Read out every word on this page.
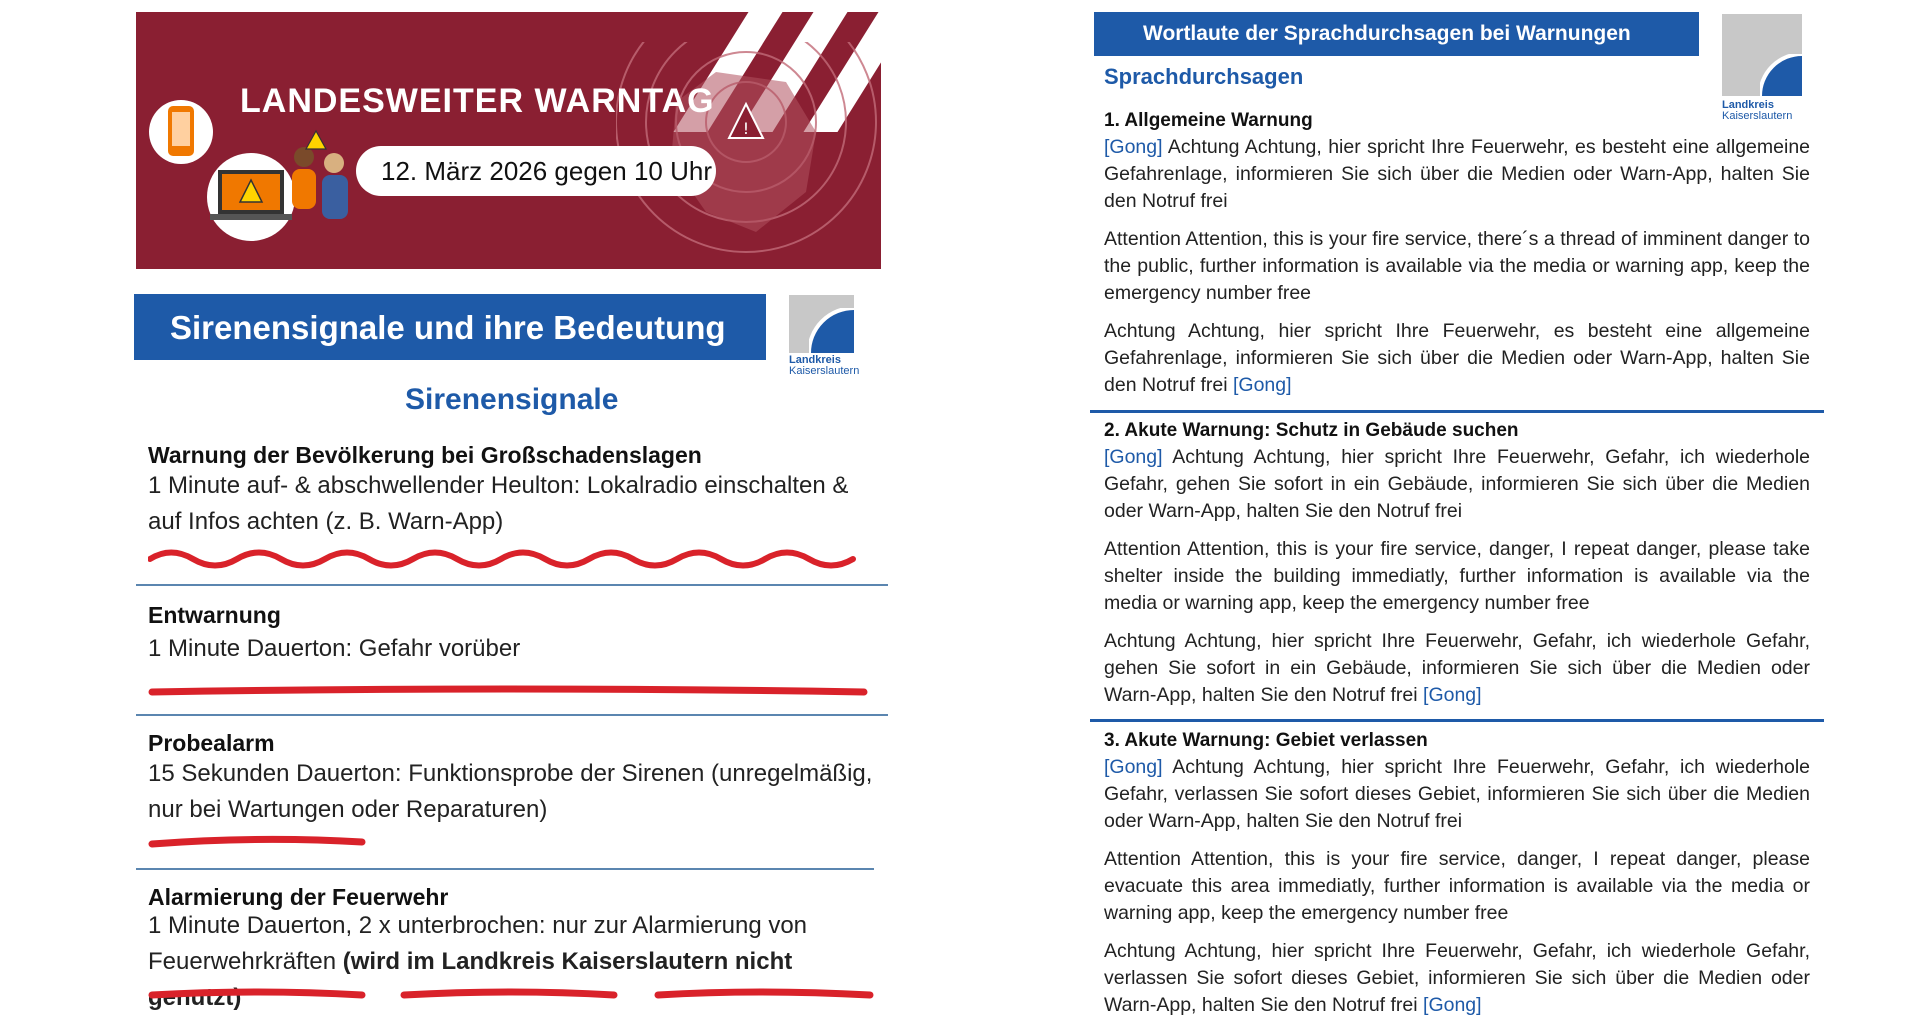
!
LANDESWEITER WARNTAG
12. März 2026 gegen 10 Uhr
Sirenensignale und ihre Bedeutung
Landkreis
Kaiserslautern
Sirenensignale
Warnung der Bevölkerung bei Großschadenslagen
1 Minute auf- & abschwellender Heulton: Lokalradio einschalten & auf Infos achten (z. B. Warn-App)
Entwarnung
1 Minute Dauerton: Gefahr vorüber
Probealarm
15 Sekunden Dauerton: Funktionsprobe der Sirenen (unregelmäßig, nur bei Wartungen oder Reparaturen)
Alarmierung der Feuerwehr
1 Minute Dauerton, 2 x unterbrochen: nur zur Alarmierung von Feuerwehrkräften (wird im Landkreis Kaiserslautern nicht genutzt)
Wortlaute der Sprachdurchsagen bei Warnungen
Sprachdurchsagen
Landkreis
Kaiserslautern
1. Allgemeine Warnung
[Gong] Achtung Achtung, hier spricht Ihre Feuerwehr, es besteht eine allgemeine Gefahrenlage, informieren Sie sich über die Medien oder Warn-App, halten Sie den Notruf frei
Attention Attention, this is your fire service, there´s a thread of imminent danger to the public, further information is available via the media or warning app, keep the emergency number free
Achtung Achtung, hier spricht Ihre Feuerwehr, es besteht eine allgemeine Gefahrenlage, informieren Sie sich über die Medien oder Warn-App, halten Sie den Notruf frei [Gong]
2. Akute Warnung: Schutz in Gebäude suchen
[Gong] Achtung Achtung, hier spricht Ihre Feuerwehr, Gefahr, ich wiederhole Gefahr, gehen Sie sofort in ein Gebäude, informieren Sie sich über die Medien oder Warn-App, halten Sie den Notruf frei
Attention Attention, this is your fire service, danger, I repeat danger, please take shelter inside the building immediatly, further information is available via the media or warning app, keep the emergency number free
Achtung Achtung, hier spricht Ihre Feuerwehr, Gefahr, ich wiederhole Gefahr, gehen Sie sofort in ein Gebäude, informieren Sie sich über die Medien oder Warn-App, halten Sie den Notruf frei [Gong]
3. Akute Warnung: Gebiet verlassen
[Gong] Achtung Achtung, hier spricht Ihre Feuerwehr, Gefahr, ich wiederhole Gefahr, verlassen Sie sofort dieses Gebiet, informieren Sie sich über die Medien oder Warn-App, halten Sie den Notruf frei
Attention Attention, this is your fire service, danger, I repeat danger, please evacuate this area immediatly, further information is available via the media or warning app, keep the emergency number free
Achtung Achtung, hier spricht Ihre Feuerwehr, Gefahr, ich wiederhole Gefahr, verlassen Sie sofort dieses Gebiet, informieren Sie sich über die Medien oder Warn-App, halten Sie den Notruf frei [Gong]
